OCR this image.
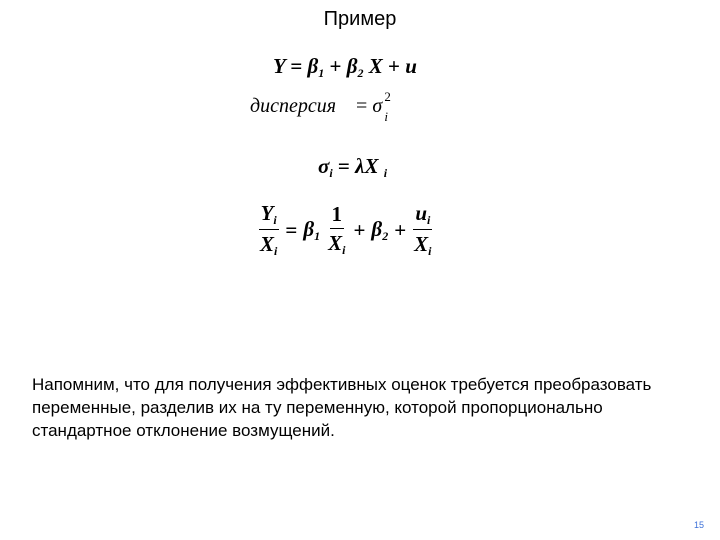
Пример
$Y = \beta_1 + \beta_2$ X + u
дисперсия = σ 2
i
$\sigma_i = \lambda X$ $_i$
$\frac{Y_i}{X_i} = \beta_1 \frac{1}{X_i} + \beta_2 + \frac{u_i}{X_i}$
Напомним, что для получения эффективных оценок требуется преобразовать переменные, разделив их на ту переменную, которой пропорционально стандартное отклонение возмущений.
15
